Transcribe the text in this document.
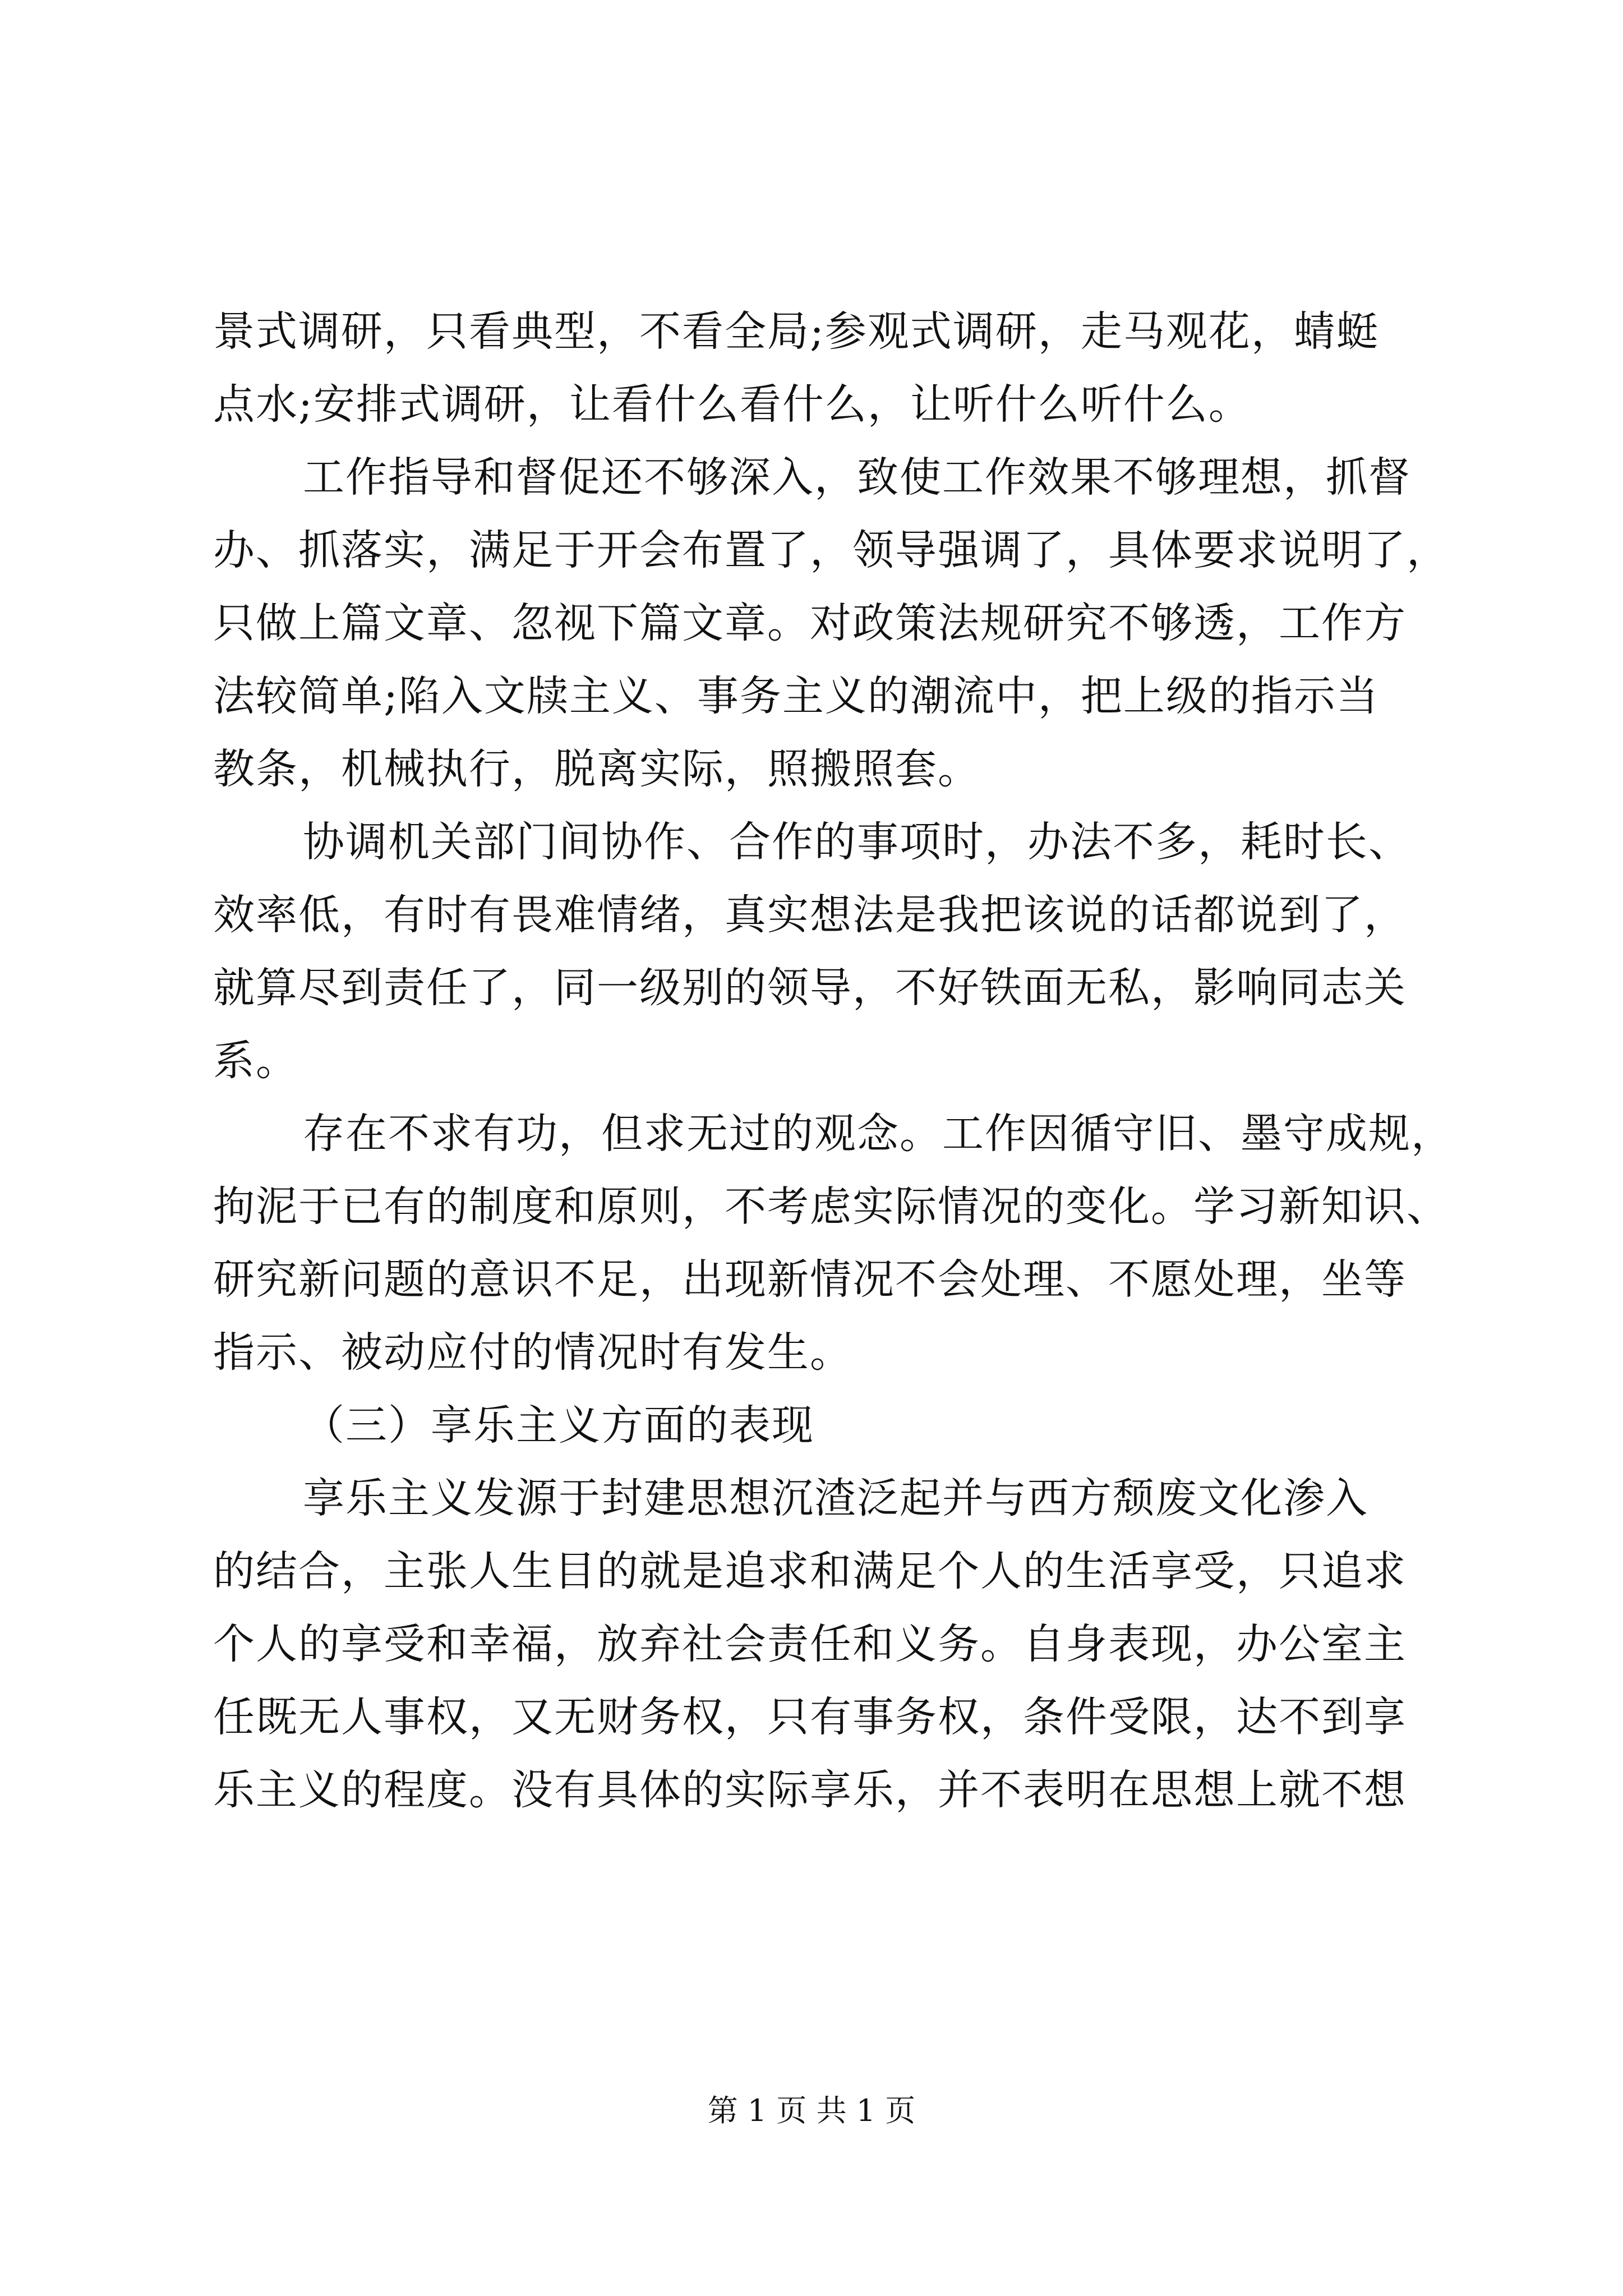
景式调研，只看典型，不看全局;参观式调研，走马观花，蜻蜓
点水;安排式调研，让看什么看什么，让听什么听什么。
工作指导和督促还不够深入，致使工作效果不够理想，抓督
办、抓落实，满足于开会布置了，领导强调了，具体要求说明了，
只做上篇文章、忽视下篇文章。对政策法规研究不够透，工作方
法较简单;陷入文牍主义、事务主义的潮流中，把上级的指示当
教条，机械执行，脱离实际，照搬照套。
协调机关部门间协作、合作的事项时，办法不多，耗时长、
效率低，有时有畏难情绪，真实想法是我把该说的话都说到了，
就算尽到责任了，同一级别的领导，不好铁面无私，影响同志关
系。
存在不求有功，但求无过的观念。工作因循守旧、墨守成规，
拘泥于已有的制度和原则，不考虑实际情况的变化。学习新知识、
研究新问题的意识不足，出现新情况不会处理、不愿处理，坐等
指示、被动应付的情况时有发生。
（三）享乐主义方面的表现
享乐主义发源于封建思想沉渣泛起并与西方颓废文化渗入
的结合，主张人生目的就是追求和满足个人的生活享受，只追求
个人的享受和幸福，放弃社会责任和义务。自身表现，办公室主
任既无人事权，又无财务权，只有事务权，条件受限，达不到享
乐主义的程度。没有具体的实际享乐，并不表明在思想上就不想
第 1 页 共 1 页
